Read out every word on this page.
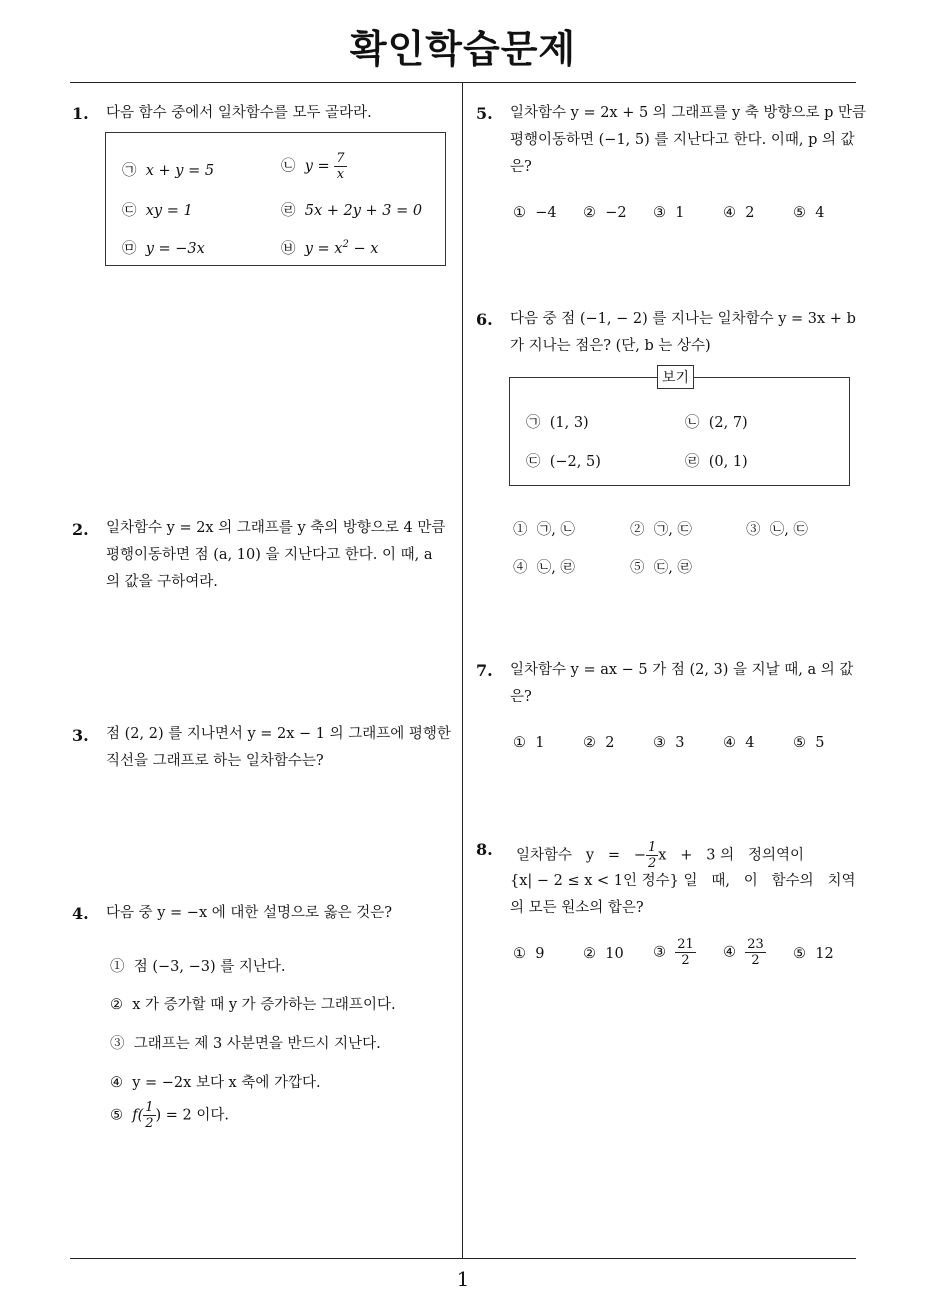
확인학습문제
1
1. 다음 함수 중에서 일차함수를 모두 골라라.
㉠ x + y = 5	㉡ $y = \frac{7}{x}$
㉢ xy = 1	㉣ 5x + 2y + 3 = 0
㉤ y = −3x	㉥ $y = x^2 - x$
2. 일차함수 y = 2x 의 그래프를 y 축의 방향으로 4 만큼
평행이동하면 점 (a, 10) 을 지난다고 한다. 이 때, a
의 값을 구하여라.
3. 점 (2, 2) 를 지나면서 y = 2x − 1 의 그래프에 평행한
직선을 그래프로 하는 일차함수는?
4. 다음 중 y = −x 에 대한 설명으로 옳은 것은?
① 점 (−3, −3) 를 지난다.
② x 가 증가할 때 y 가 증가하는 그래프이다.
③ 그래프는 제 3 사분면을 반드시 지난다.
④ y = −2x 보다 x 축에 가깝다.
⑤ $f( \frac{1}{2}$ ) = 2 이다.
5. 일차함수 y = 2x + 5 의 그래프를 y 축 방향으로 p 만큼
평행이동하면 (−1, 5) 를 지난다고 한다. 이때, p 의 값
은?
① −4 ② −2 ③ 1	④ 2	⑤ 4
6. 다음 중 점 (−1, − 2) 를 지나는 일차함수 y = 3x + b
가 지나는 점은? (단, b 는 상수)
㉠ (1, 3)	㉡ (2, 7)
㉢ (−2, 5)	㉣ (0, 1)
보기
① ㉠, ㉡	② ㉠, ㉢	③ ㉡, ㉢
④ ㉡, ㉣	⑤ ㉢, ㉣
7. 일차함수 y = ax − 5 가 점 (2, 3) 을 지날 때, a 의 값
은?
① 1	② 2	③ 3	④ 4	⑤ 5
8. 일차함수   y   =   − $\frac{1}{2}$ x   +   3 의   정의역이
{x| − 2 ≤ x < 1인 정수} 일   때,   이   함수의   치역
의 모든 원소의 합은?
① 9	② 10 ③ $\frac{21}{2}$ ④ $\frac{23}{2}$ ⑤ 12
